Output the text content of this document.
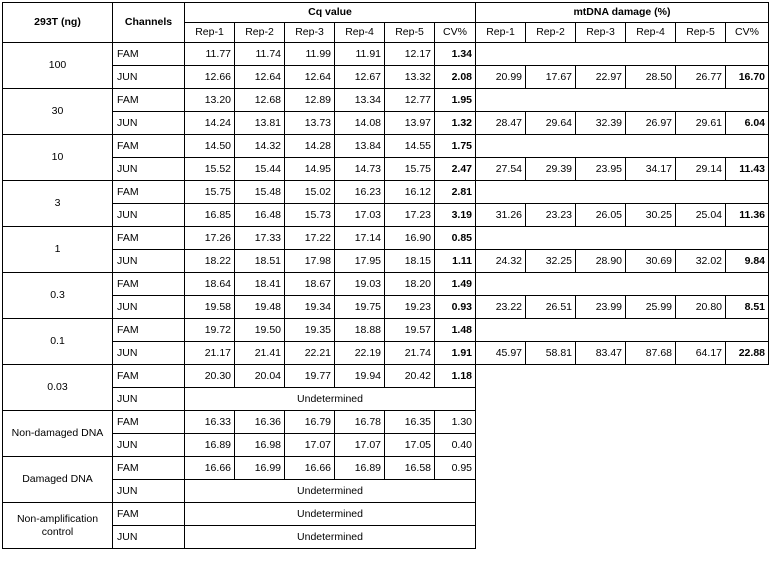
293T (ng)	Channels	Cq value						mtDNA damage (%)					
		Rep-1	Rep-2	Rep-3	Rep-4	Rep-5	CV%	Rep-1	Rep-2	Rep-3	Rep-4	Rep-5	CV%
100	FAM	11.77	11.74	11.99	11.91	12.17	1.34						
	JUN	12.66	12.64	12.64	12.67	13.32	2.08	20.99	17.67	22.97	28.50	26.77	16.70
30	FAM	13.20	12.68	12.89	13.34	12.77	1.95						
	JUN	14.24	13.81	13.73	14.08	13.97	1.32	28.47	29.64	32.39	26.97	29.61	6.04
10	FAM	14.50	14.32	14.28	13.84	14.55	1.75						
	JUN	15.52	15.44	14.95	14.73	15.75	2.47	27.54	29.39	23.95	34.17	29.14	11.43
3	FAM	15.75	15.48	15.02	16.23	16.12	2.81						
	JUN	16.85	16.48	15.73	17.03	17.23	3.19	31.26	23.23	26.05	30.25	25.04	11.36
1	FAM	17.26	17.33	17.22	17.14	16.90	0.85						
	JUN	18.22	18.51	17.98	17.95	18.15	1.11	24.32	32.25	28.90	30.69	32.02	9.84
0.3	FAM	18.64	18.41	18.67	19.03	18.20	1.49						
	JUN	19.58	19.48	19.34	19.75	19.23	0.93	23.22	26.51	23.99	25.99	20.80	8.51
0.1	FAM	19.72	19.50	19.35	18.88	19.57	1.48						
	JUN	21.17	21.41	22.21	22.19	21.74	1.91	45.97	58.81	83.47	87.68	64.17	22.88
0.03	FAM	20.30	20.04	19.77	19.94	20.42	1.18						
	JUN	Undetermined											
Non-damaged DNA	FAM	16.33	16.36	16.79	16.78	16.35	1.30						
	JUN	16.89	16.98	17.07	17.07	17.05	0.40						
Damaged DNA	FAM	16.66	16.99	16.66	16.89	16.58	0.95						
	JUN	Undetermined											
Non-amplification control	FAM	Undetermined											
	JUN	Undetermined											
